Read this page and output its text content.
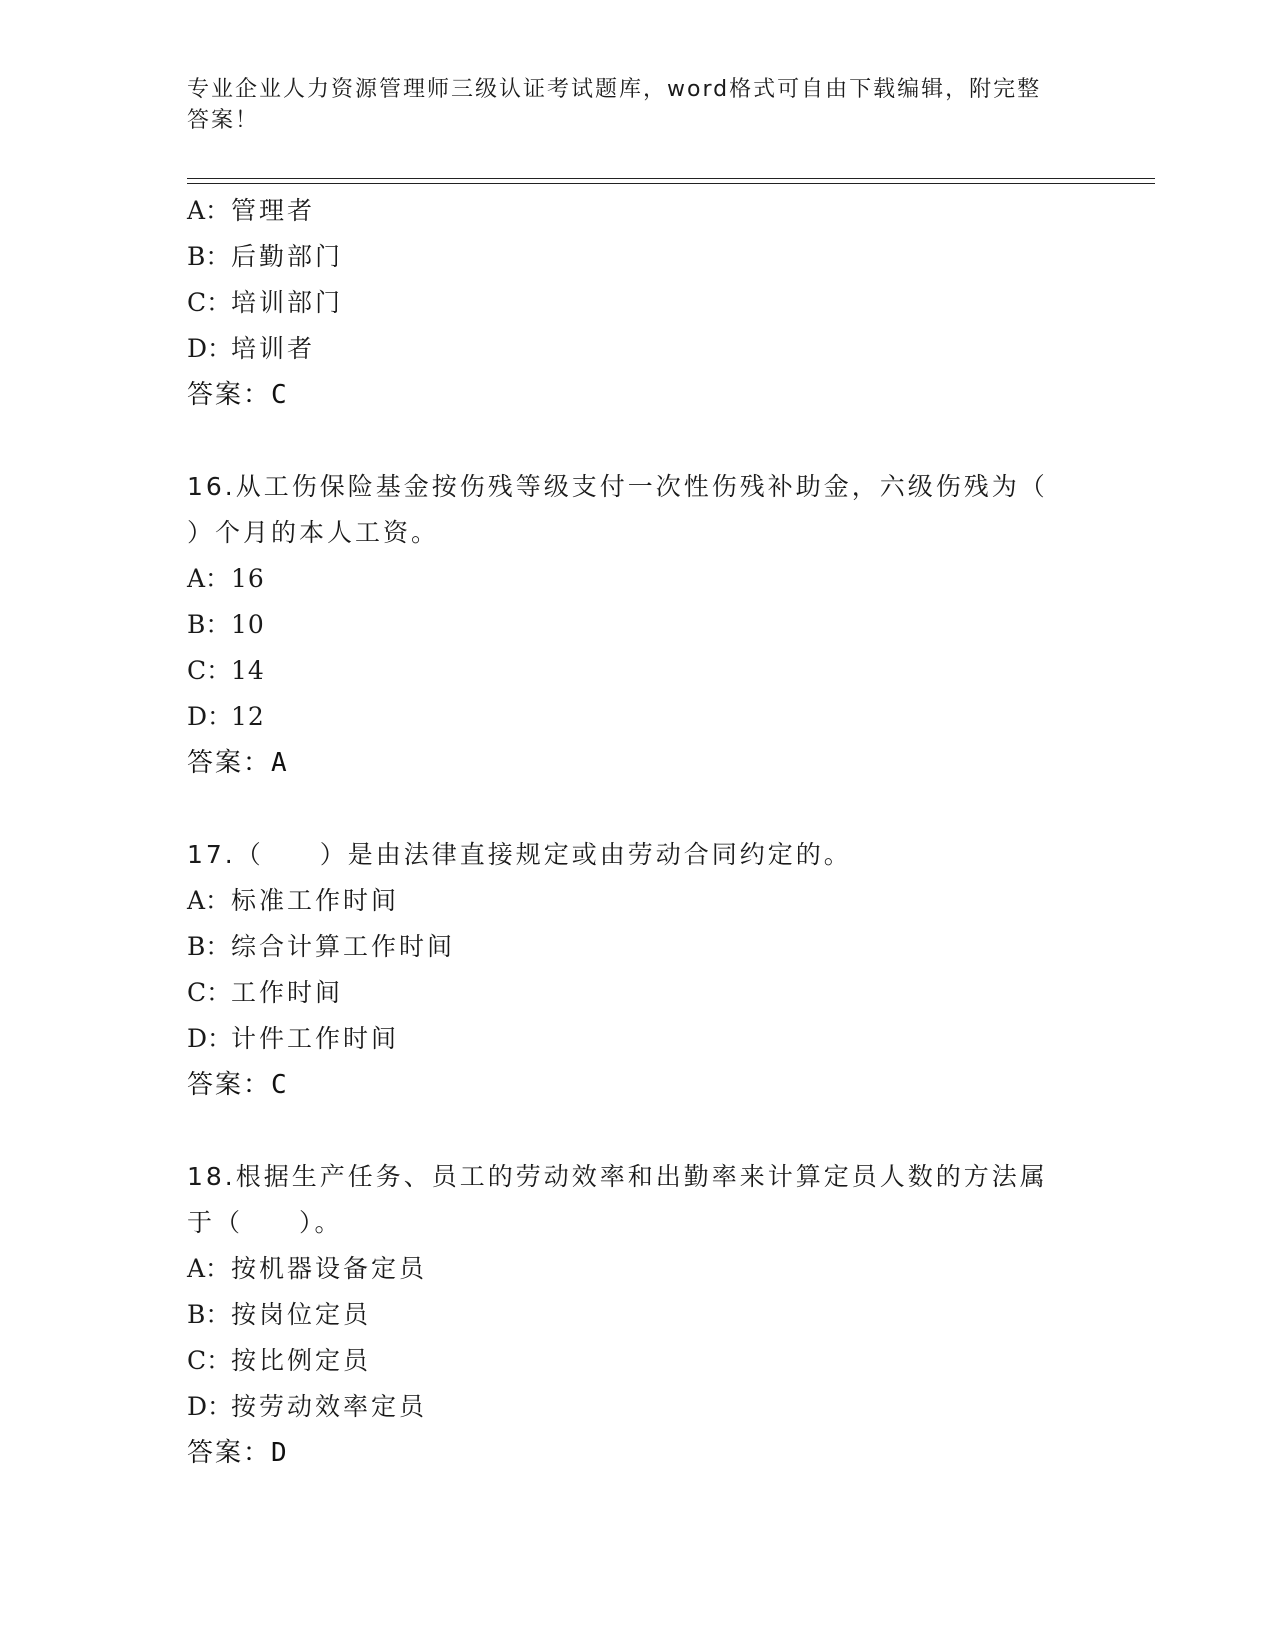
专业企业人力资源管理师三级认证考试题库，word格式可自由下载编辑，附完整
答案！
A：管理者
B：后勤部门
C：培训部门
D：培训者
答案：C
16.从工伤保险基金按伤残等级支付一次性伤残补助金，六级伤残为（
）个月的本人工资。
A：16
B：10
C：14
D：12
答案：A
17.（　　）是由法律直接规定或由劳动合同约定的。
A：标准工作时间
B：综合计算工作时间
C：工作时间
D：计件工作时间
答案：C
18.根据生产任务、员工的劳动效率和出勤率来计算定员人数的方法属
于（　　）。
A：按机器设备定员
B：按岗位定员
C：按比例定员
D：按劳动效率定员
答案：D
